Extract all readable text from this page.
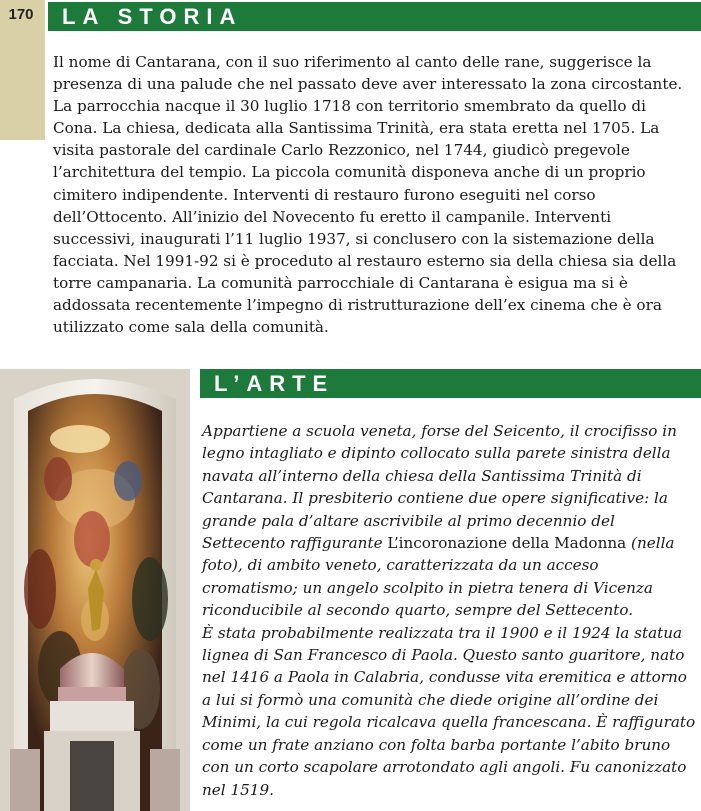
170	LA STORIA
Il nome di Cantarana, con il suo riferimento al canto delle rane, suggerisce la presenza di una palude che nel passato deve aver interessato la zona circostante. La parrocchia nacque il 30 luglio 1718 con territorio smembrato da quello di Cona. La chiesa, dedicata alla Santissima Trinità, era stata eretta nel 1705. La visita pastorale del cardinale Carlo Rezzonico, nel 1744, giudicò pregevole l’architettura del tempio. La piccola comunità disponeva anche di un proprio cimitero indipendente. Interventi di restauro furono eseguiti nel corso dell’Ottocento. All’inizio del Novecento fu eretto il campanile. Interventi successivi, inaugurati l’11 luglio 1937, si conclusero con la sistemazione della facciata. Nel 1991-92 si è proceduto al restauro esterno sia della chiesa sia della torre campanaria. La comunità parrocchiale di Cantarana è esigua ma si è addossata recentemente l’impegno di ristrutturazione dell’ex cinema che è ora utilizzato come sala della comunità.
L’ARTE
Appartiene a scuola veneta, forse del Seicento, il crocifisso in legno intagliato e dipinto collocato sulla parete sinistra della navata all’interno della chiesa della Santissima Trinità di Cantarana. Il presbiterio contiene due opere significative: la grande pala d’altare ascrivibile al primo decennio del Settecento raffigurante L’incoronazione della Madonna (nella foto), di ambito veneto, caratterizzata da un acceso cromatismo; un angelo scolpito in pietra tenera di Vicenza riconducibile al secondo quarto, sempre del Settecento.
È stata probabilmente realizzata tra il 1900 e il 1924 la statua lignea di San Francesco di Paola. Questo santo guaritore, nato nel 1416 a Paola in Calabria, condusse vita eremitica e attorno a lui si formò una comunità che diede origine all’ordine dei Minimi, la cui regola ricalcava quella francescana. È raffigurato come un frate anziano con folta barba portante l’abito bruno con un corto scapolare arrotondato agli angoli. Fu canonizzato nel 1519.
